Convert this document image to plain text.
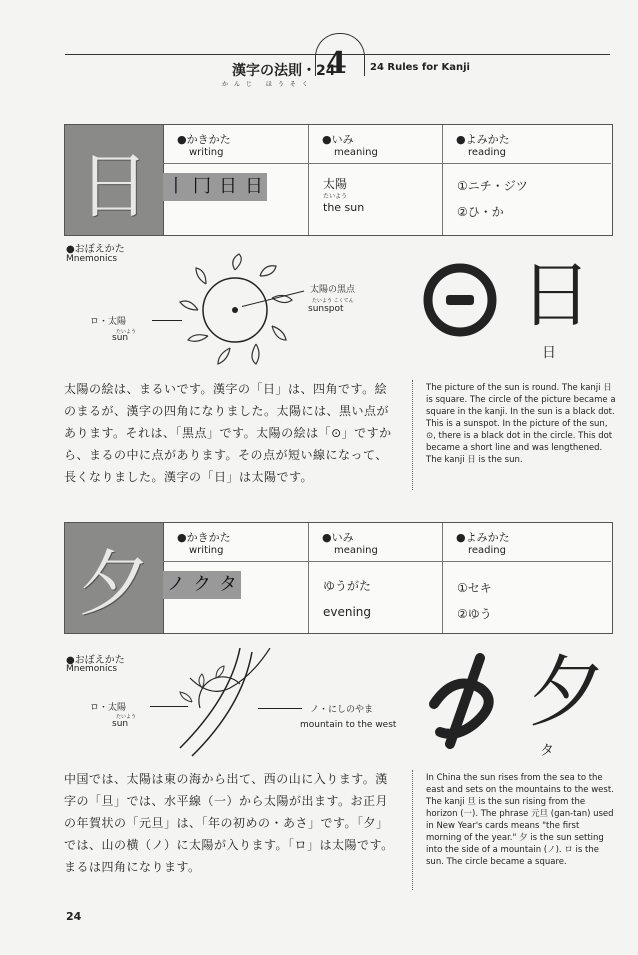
漢字の法則・24
かんじ ほうそく
4 24 Rules for Kanji
日
●かきかた
writing
●いみ
meaning
●よみかた
reading
丨 冂 日 日	太陽
たいよう
the sun
①ニチ・ジツ
②ひ・か
●おぼえかた
Mnemonics
ロ・太陽
たいよう
sun
太陽の黒点
たいよう こくてん
sunspot 日
日
太陽の絵は、まるいです。漢字の「日」は、四角です。絵のまるが、漢字の四角になりました。太陽には、黒い点があります。それは、「黒点」です。太陽の絵は「⊙」ですから、まるの中に点があります。その点が短い線になって、長くなりました。漢字の「日」は太陽です。
The picture of the sun is round. The kanji 日 is square. The circle of the picture became a square in the kanji. In the sun is a black dot. This is a sunspot. In the picture of the sun, ⊙, there is a black dot in the circle. This dot became a short line and was lengthened. The kanji 日 is the sun.
夕
●かきかた
writing
●いみ
meaning
●よみかた
reading
ノ ク タ	ゆうがた
evening
①セキ
②ゆう
●おぼえかた
Mnemonics
ロ・太陽
たいよう
sun
ノ・にしのやま
mountain to the west 夕
タ
中国では、太陽は東の海から出て、西の山に入ります。漢字の「旦」では、水平線（一）から太陽が出ます。お正月の年賀状の「元旦」は、「年の初めの・あさ」です。「夕」では、山の横（ノ）に太陽が入ります。「ロ」は太陽です。まるは四角になります。
In China the sun rises from the sea to the east and sets on the mountains to the west. The kanji 旦 is the sun rising from the horizon (一). The phrase 元旦 (gan-tan) used in New Year's cards means "the first morning of the year." 夕 is the sun setting into the side of a mountain (ノ). ロ is the sun. The circle became a square.
24
